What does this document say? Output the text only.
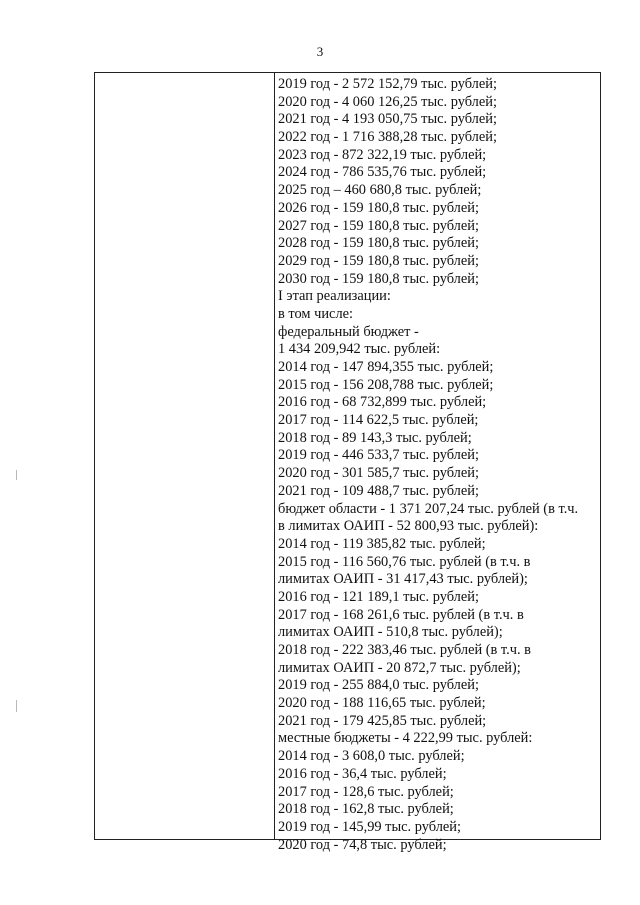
3
2019 год - 2 572 152,79 тыс. рублей;
2020 год - 4 060 126,25 тыс. рублей;
2021 год - 4 193 050,75 тыс. рублей;
2022 год - 1 716 388,28 тыс. рублей;
2023 год - 872 322,19 тыс. рублей;
2024 год - 786 535,76 тыс. рублей;
2025 год – 460 680,8 тыс. рублей;
2026 год - 159 180,8 тыс. рублей;
2027 год - 159 180,8 тыс. рублей;
2028 год - 159 180,8 тыс. рублей;
2029 год - 159 180,8 тыс. рублей;
2030 год - 159 180,8 тыс. рублей;
I этап реализации:
в том числе:
федеральный бюджет -
1 434 209,942 тыс. рублей:
2014 год - 147 894,355 тыс. рублей;
2015 год - 156 208,788 тыс. рублей;
2016 год - 68 732,899 тыс. рублей;
2017 год - 114 622,5 тыс. рублей;
2018 год - 89 143,3 тыс. рублей;
2019 год - 446 533,7 тыс. рублей;
2020 год - 301 585,7 тыс. рублей;
2021 год - 109 488,7 тыс. рублей;
бюджет области - 1 371 207,24 тыс. рублей (в т.ч.
в лимитах ОАИП - 52 800,93 тыс. рублей):
2014 год - 119 385,82 тыс. рублей;
2015 год - 116 560,76 тыс. рублей (в т.ч. в
лимитах ОАИП - 31 417,43 тыс. рублей);
2016 год - 121 189,1 тыс. рублей;
2017 год - 168 261,6 тыс. рублей (в т.ч. в
лимитах ОАИП - 510,8 тыс. рублей);
2018 год - 222 383,46 тыс. рублей (в т.ч. в
лимитах ОАИП - 20 872,7 тыс. рублей);
2019 год - 255 884,0 тыс. рублей;
2020 год - 188 116,65 тыс. рублей;
2021 год - 179 425,85 тыс. рублей;
местные бюджеты - 4 222,99 тыс. рублей:
2014 год - 3 608,0 тыс. рублей;
2016 год - 36,4 тыс. рублей;
2017 год - 128,6 тыс. рублей;
2018 год - 162,8 тыс. рублей;
2019 год - 145,99 тыс. рублей;
2020 год - 74,8 тыс. рублей;
